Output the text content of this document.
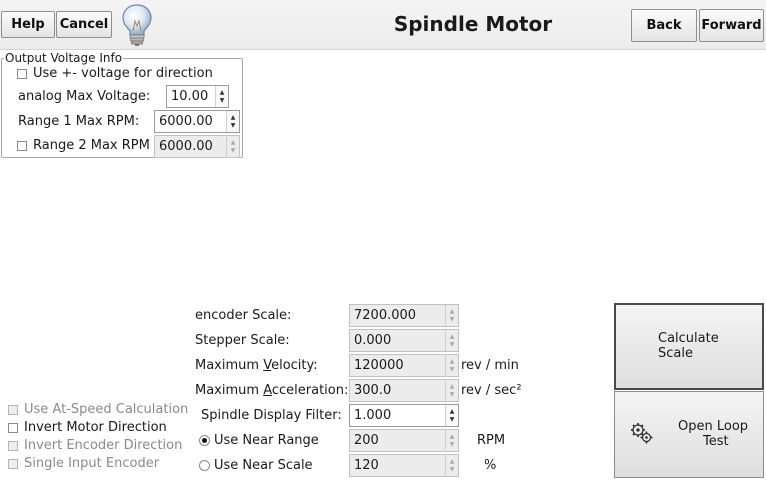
Help	Cancel	Spindle Motor	Back	Forward
Output Voltage Info
Use +- voltage for direction
analog Max Voltage:	10.00	▲
▼
Range 1 Max RPM:	6000.00	▲
▼
Range 2 Max RPM 6000.00	▲
▼
encoder Scale:	7200.000	▲
▼
Stepper Scale:	0.000	▲
▼
Maximum Velocity:	120000	▲
▼ rev / min
Maximum Acceleration: 300.0	▲
▼ rev / sec²
Spindle Display Filter: 1.000	▲
▼
Use Near Range	200	▲
▼ RPM
Use Near Scale	120	▲
▼ %
Use At-Speed Calculation
Invert Motor Direction
Invert Encoder Direction
Single Input Encoder
Calculate
Scale
Open Loop
Test
